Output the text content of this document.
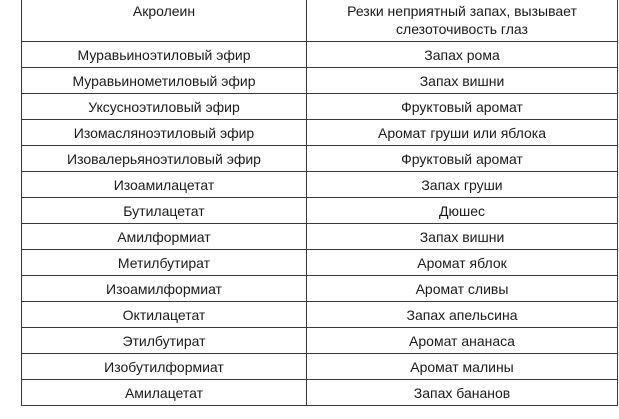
Акролеин	Резки неприятный запах, вызывает слезоточивость глаз
Муравьиноэтиловый эфир	Запах рома
Муравьинометиловый эфир	Запах вишни
Уксусноэтиловый эфир	Фруктовый аромат
Изомасляноэтиловый эфир	Аромат груши или яблока
Изовалерьяноэтиловый эфир	Фруктовый аромат
Изоамилацетат	Запах груши
Бутилацетат	Дюшес
Амилформиат	Запах вишни
Метилбутират	Аромат яблок
Изоамилформиат	Аромат сливы
Октилацетат	Запах апельсина
Этилбутират	Аромат ананаса
Изобутилформиат	Аромат малины
Амилацетат	Запах бананов
